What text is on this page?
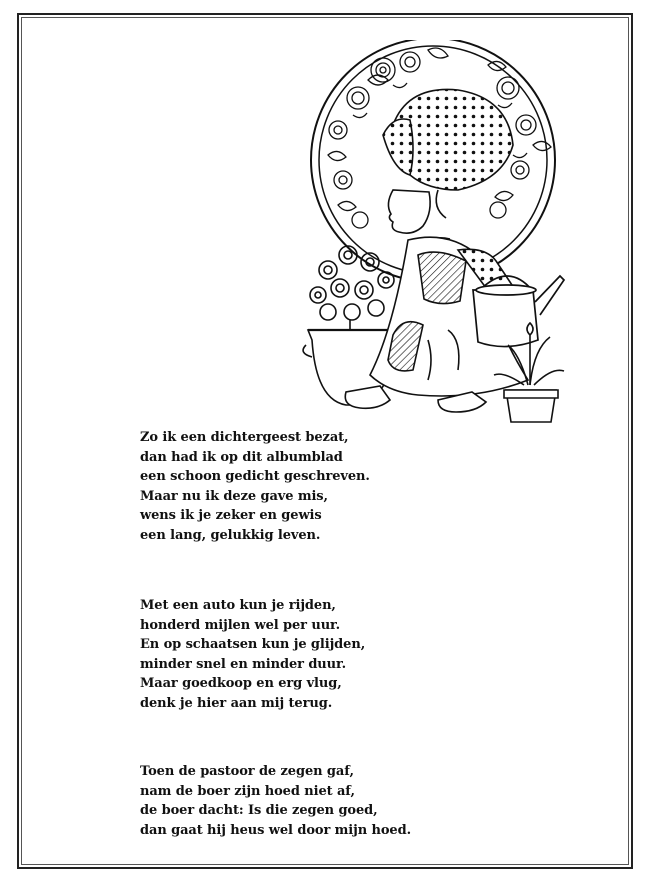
Zo ik een dichtergeest bezat,
dan had ik op dit albumblad
een schoon gedicht geschreven.
Maar nu ik deze gave mis,
wens ik je zeker en gewis
een lang, gelukkig leven.
Met een auto kun je rijden,
honderd mijlen wel per uur.
En op schaatsen kun je glijden,
minder snel en minder duur.
Maar goedkoop en erg vlug,
denk je hier aan mij terug.
Toen de pastoor de zegen gaf,
nam de boer zijn hoed niet af,
de boer dacht: Is die zegen goed,
dan gaat hij heus wel door mijn hoed.
